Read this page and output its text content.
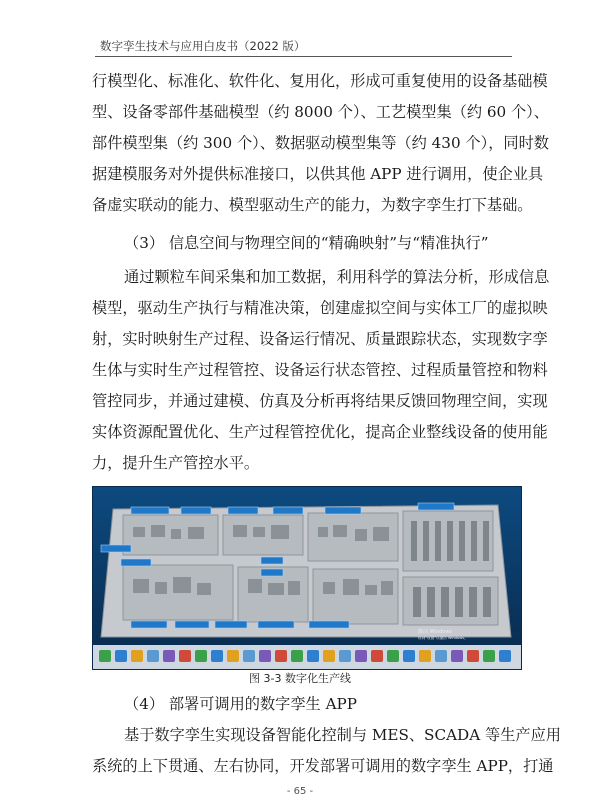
数字孪生技术与应用白皮书（2022 版）
行模型化、标准化、软件化、复用化，形成可重复使用的设备基础模
型、设备零部件基础模型（约 8000 个）、工艺模型集（约 60 个）、
部件模型集（约 300 个）、数据驱动模型集等（约 430 个），同时数
据建模服务对外提供标准接口，以供其他 APP 进行调用，使企业具
备虚实联动的能力、模型驱动生产的能力，为数字孪生打下基础。
（3） 信息空间与物理空间的“精确映射”与“精准执行”
通过颗粒车间采集和加工数据，利用科学的算法分析，形成信息
模型，驱动生产执行与精准决策，创建虚拟空间与实体工厂的虚拟映
射，实时映射生产过程、设备运行情况、质量跟踪状态，实现数字孪
生体与实时生产过程管控、设备运行状态管控、过程质量管控和物料
管控同步，并通过建模、仿真及分析再将结果反馈回物理空间，实现
实体资源配置优化、生产过程管控优化，提高企业整线设备的使用能
力，提升生产管控水平。
激活 Windows
转到“设置”以激活 Windows。
图 3-3 数字化生产线
（4） 部署可调用的数字孪生 APP
基于数字孪生实现设备智能化控制与 MES、SCADA 等生产应用
系统的上下贯通、左右协同，开发部署可调用的数字孪生 APP，打通
- 65 -
